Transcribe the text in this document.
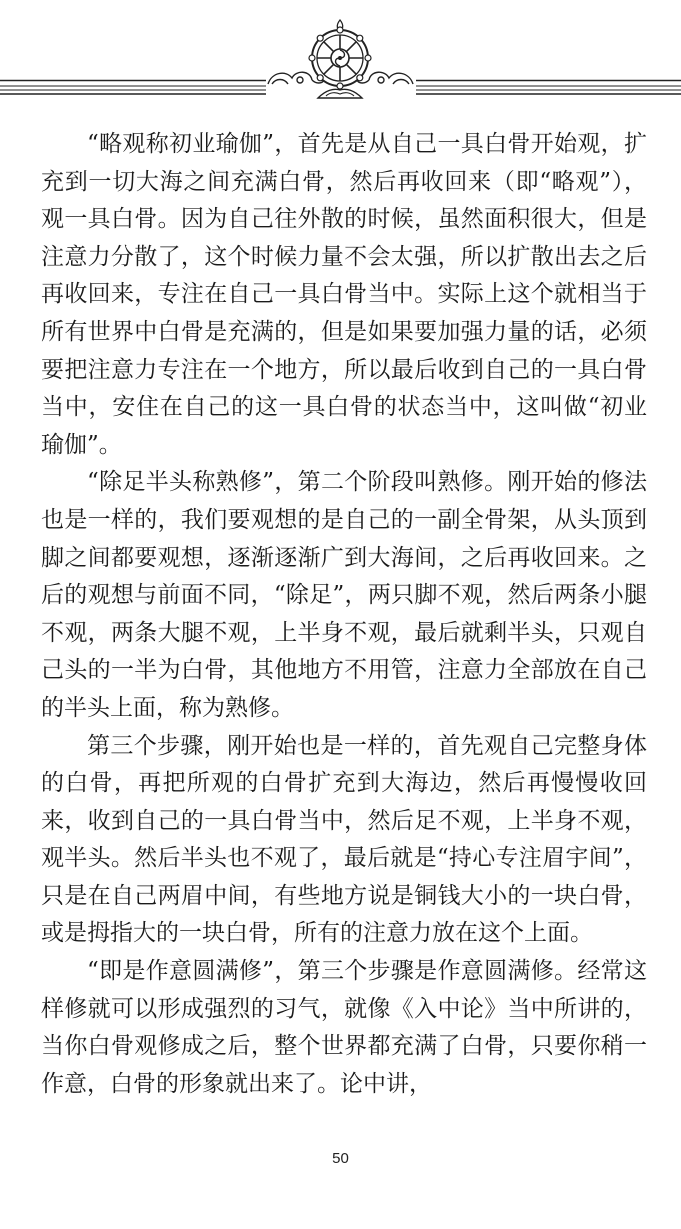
“略观称初业瑜伽”，首先是从自己一具白骨开始观，扩充到一切大海之间充满白骨，然后再收回来（即“略观”），观一具白骨。因为自己往外散的时候，虽然面积很大，但是注意力分散了，这个时候力量不会太强，所以扩散出去之后再收回来，专注在自己一具白骨当中。实际上这个就相当于所有世界中白骨是充满的，但是如果要加强力量的话，必须要把注意力专注在一个地方，所以最后收到自己的一具白骨当中，安住在自己的这一具白骨的状态当中，这叫做“初业瑜伽”。

“除足半头称熟修”，第二个阶段叫熟修。刚开始的修法也是一样的，我们要观想的是自己的一副全骨架，从头顶到脚之间都要观想，逐渐逐渐广到大海间，之后再收回来。之后的观想与前面不同，“除足”，两只脚不观，然后两条小腿不观，两条大腿不观，上半身不观，最后就剩半头，只观自己头的一半为白骨，其他地方不用管，注意力全部放在自己的半头上面，称为熟修。

第三个步骤，刚开始也是一样的，首先观自己完整身体的白骨，再把所观的白骨扩充到大海边，然后再慢慢收回来，收到自己的一具白骨当中，然后足不观，上半身不观，观半头。然后半头也不观了，最后就是“持心专注眉宇间”，只是在自己两眉中间，有些地方说是铜钱大小的一块白骨，或是拇指大的一块白骨，所有的注意力放在这个上面。

“即是作意圆满修”，第三个步骤是作意圆满修。经常这样修就可以形成强烈的习气，就像《入中论》当中所讲的，当你白骨观修成之后，整个世界都充满了白骨，只要你稍一作意，白骨的形象就出来了。论中讲，

50
